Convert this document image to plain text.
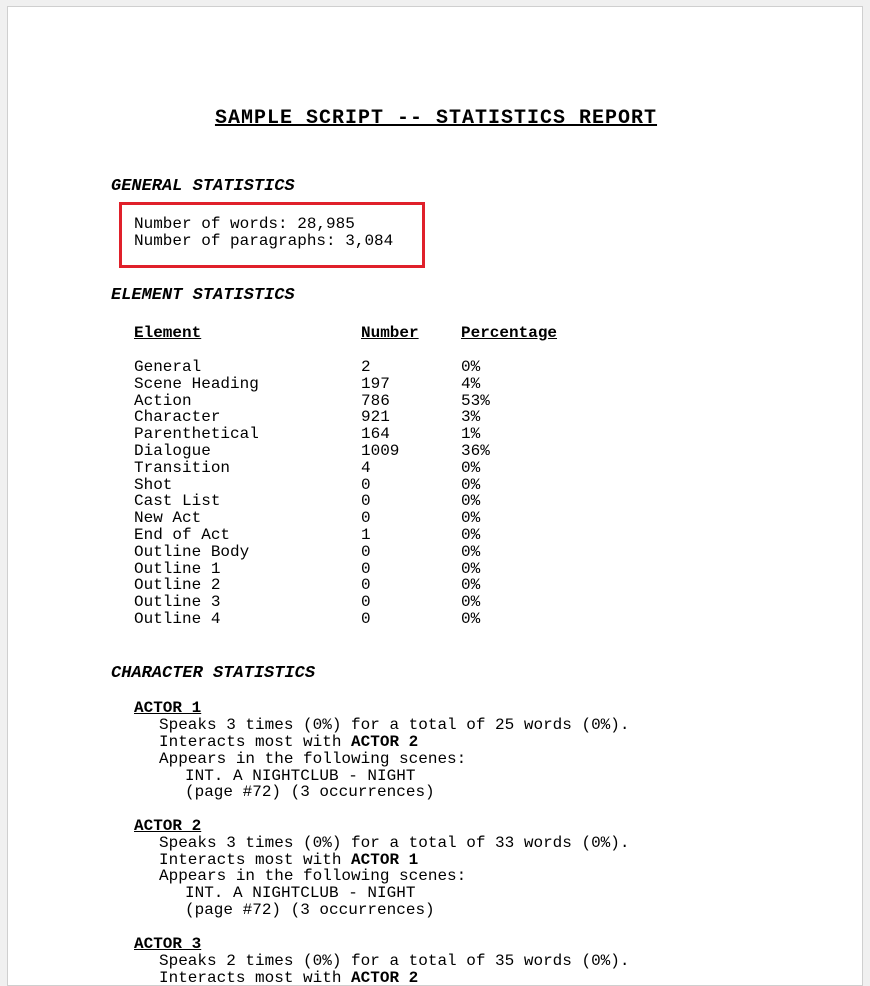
SAMPLE SCRIPT -- STATISTICS REPORT
GENERAL STATISTICS
Number of words: 28,985
Number of paragraphs: 3,084
ELEMENT STATISTICS
Element	Number	Percentage
General	2	0%
Scene Heading	197	4%
Action	786	53%
Character	921	3%
Parenthetical	164	1%
Dialogue	1009	36%
Transition	4	0%
Shot	0	0%
Cast List	0	0%
New Act	0	0%
End of Act	1	0%
Outline Body	0	0%
Outline 1	0	0%
Outline 2	0	0%
Outline 3	0	0%
Outline 4	0	0%
CHARACTER STATISTICS
ACTOR 1
Speaks 3 times (0%) for a total of 25 words (0%).
Interacts most with ACTOR 2
Appears in the following scenes:
INT. A NIGHTCLUB - NIGHT
(page #72) (3 occurrences)
ACTOR 2
Speaks 3 times (0%) for a total of 33 words (0%).
Interacts most with ACTOR 1
Appears in the following scenes:
INT. A NIGHTCLUB - NIGHT
(page #72) (3 occurrences)
ACTOR 3
Speaks 2 times (0%) for a total of 35 words (0%).
Interacts most with ACTOR 2
